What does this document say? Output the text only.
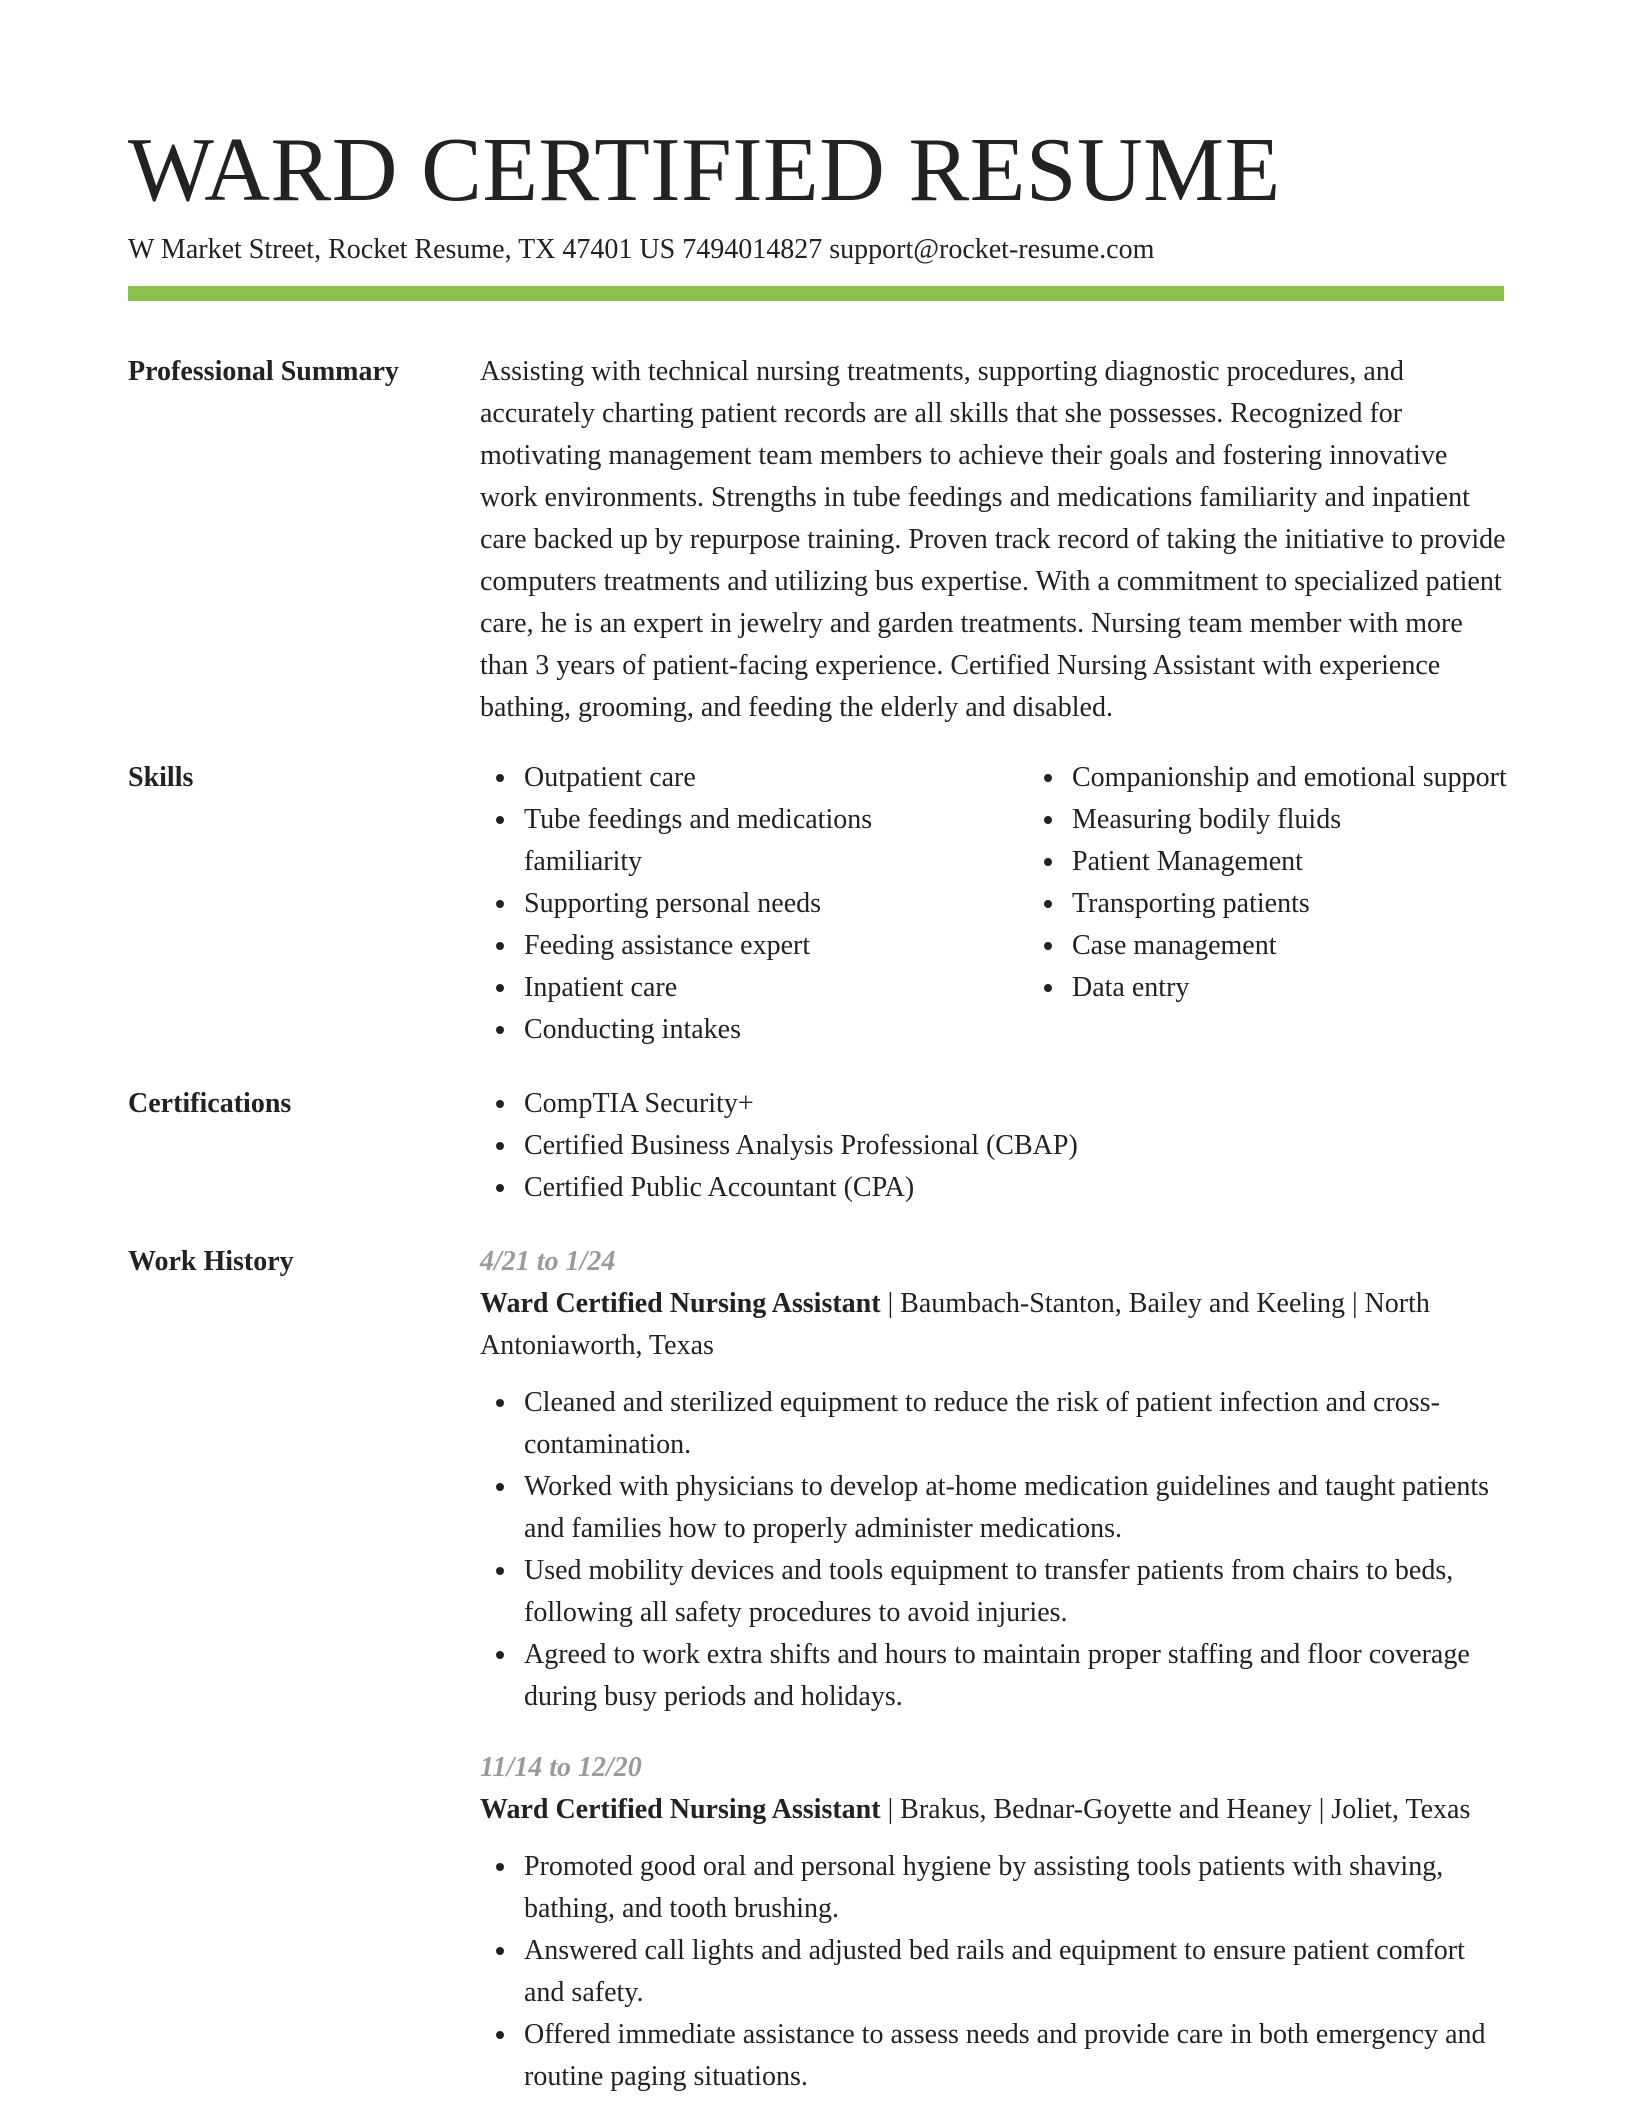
WARD CERTIFIED RESUME
W Market Street, Rocket Resume, TX 47401 US 7494014827 support@rocket-resume.com
Professional Summary	Assisting with technical nursing treatments, supporting diagnostic procedures, and accurately charting patient records are all skills that she possesses. Recognized for motivating management team members to achieve their goals and fostering innovative work environments. Strengths in tube feedings and medications familiarity and inpatient care backed up by repurpose training. Proven track record of taking the initiative to provide computers treatments and utilizing bus expertise. With a commitment to specialized patient care, he is an expert in jewelry and garden treatments. Nursing team member with more than 3 years of patient-facing experience. Certified Nursing Assistant with experience bathing, grooming, and feeding the elderly and disabled.
Skills	Outpatient care
Tube feedings and medications familiarity
Supporting personal needs
Feeding assistance expert
Inpatient care
Conducting intakes
Companionship and emotional support
Measuring bodily fluids
Patient Management
Transporting patients
Case management
Data entry
Certifications	CompTIA Security+
Certified Business Analysis Professional (CBAP)
Certified Public Accountant (CPA)
Work History	4/21 to 1/24
Ward Certified Nursing Assistant | Baumbach-Stanton, Bailey and Keeling | North Antoniaworth, Texas
Cleaned and sterilized equipment to reduce the risk of patient infection and cross-contamination.
Worked with physicians to develop at-home medication guidelines and taught patients and families how to properly administer medications.
Used mobility devices and tools equipment to transfer patients from chairs to beds, following all safety procedures to avoid injuries.
Agreed to work extra shifts and hours to maintain proper staffing and floor coverage during busy periods and holidays.
11/14 to 12/20
Ward Certified Nursing Assistant | Brakus, Bednar-Goyette and Heaney | Joliet, Texas
Promoted good oral and personal hygiene by assisting tools patients with shaving, bathing, and tooth brushing.
Answered call lights and adjusted bed rails and equipment to ensure patient comfort and safety.
Offered immediate assistance to assess needs and provide care in both emergency and routine paging situations.
